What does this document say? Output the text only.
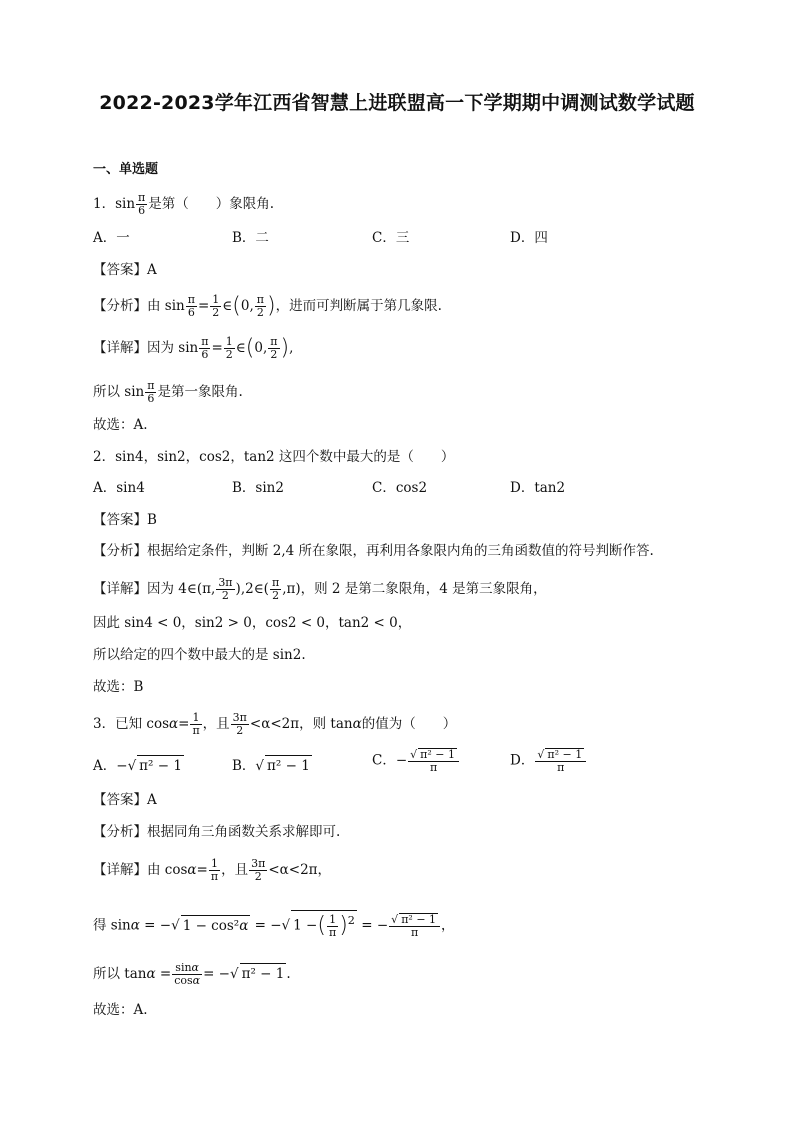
2022-2023学年江西省智慧上进联盟高一下学期期中调测试数学试题
一、单选题
1．$\sin \frac{\pi}{6}$ 是第（　　）象限角.
A．一	B．二	C．三	D．四
【答案】A
【分析】由 $\sin \frac{\pi}{6} = \frac{1}{2}$ ∈(0, $\frac{\pi}{2}$ )，进而可判断属于第几象限.
【详解】因为 $\sin \frac{\pi}{6} = \frac{1}{2}$ ∈(0, $\frac{\pi}{2}$ ),
所以 $\sin \frac{\pi}{6}$ 是第一象限角.
故选：A.
2．sin4，sin2，cos2，tan2 这四个数中最大的是（　　）
A．sin4	B．sin2	C．cos2	D．tan2
【答案】B
【分析】根据给定条件，判断 2,4 所在象限，再利用各象限内角的三角函数值的符号判断作答.
【详解】因为 4∈(π, $\frac{3\pi}{2}$ ),2∈( $\frac{\pi}{2} ,\pi$)，则 2 是第二象限角，4 是第三象限角，
因此 sin4 < 0，sin2 > 0，cos2 < 0，tan2 < 0，
所以给定的四个数中最大的是 sin2.
故选：B
3．已知 $\cos\alpha= \frac{1}{\pi}$ ，且 $\frac{3\pi}{2} <\alpha<2\pi$，则 tanα的值为（　　）
A．−√ π² − 1	B．√ π² − 1	C．− $\frac{\text{√ π² − 1}}{\pi}$	D． $\frac{\text{√ π² − 1}}{\pi}$
【答案】A
【分析】根据同角三角函数关系求解即可.
【详解】由 $\cos\alpha= \frac{1}{\pi}$ ，且 $\frac{3\pi}{2} <\alpha<2\pi$，
得 sinα = −√ 1 − cos²α = −√ 1 −( $\frac{1}{\pi} )^2$ = − $\frac{\text{√ π² − 1}}{\pi}$ ，
所以 $\tan\alpha = \frac{\sin\alpha}{\cos\alpha}$ = −√ π² − 1 .
故选：A.
